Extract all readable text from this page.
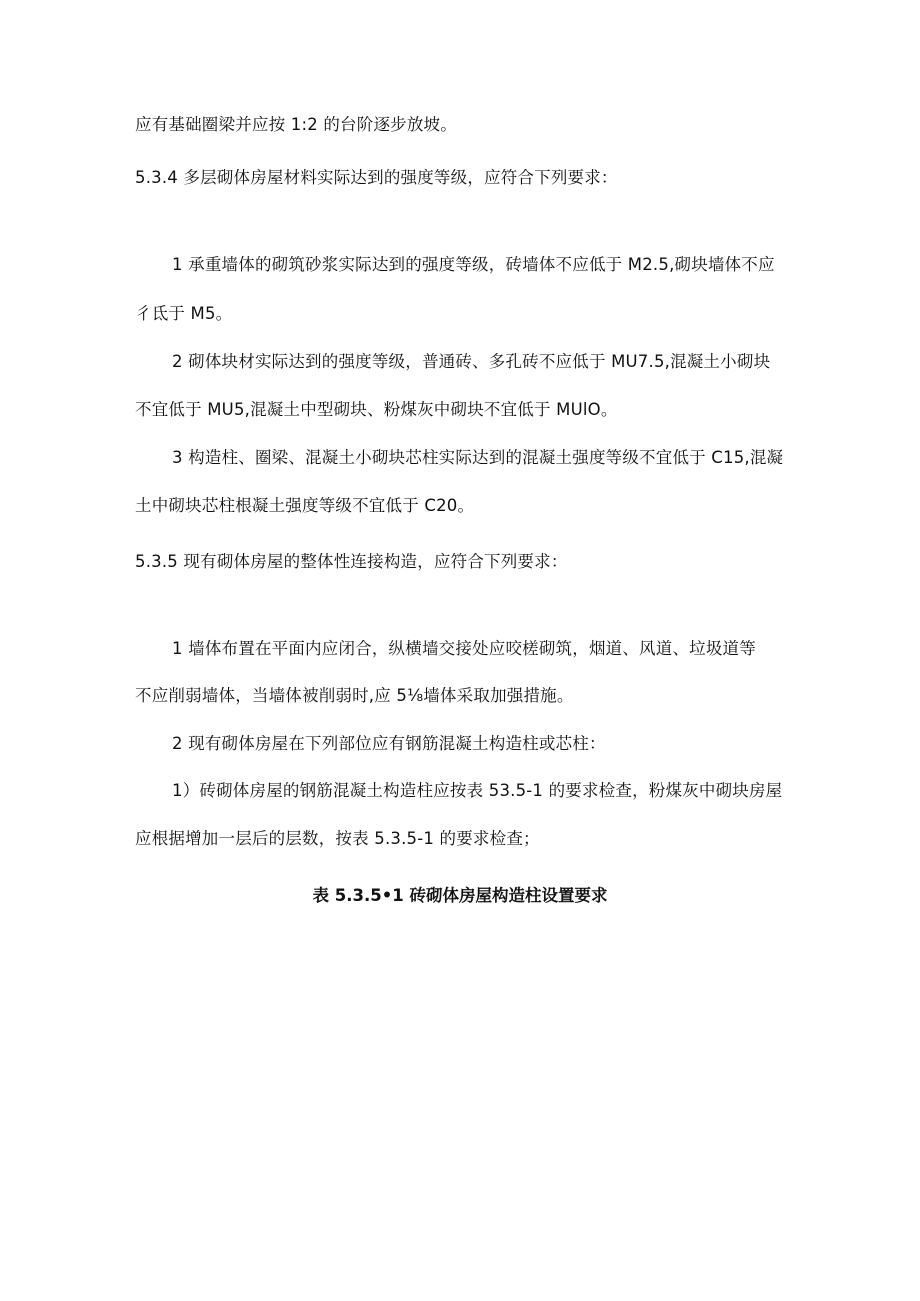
应有基础圈梁并应按 1:2 的台阶逐步放坡。
5.3.4 多层砌体房屋材料实际达到的强度等级，应符合下列要求：
1 承重墙体的砌筑砂浆实际达到的强度等级，砖墙体不应低于 M2.5,砌块墙体不应
彳氐于 M5。
2 砌体块材实际达到的强度等级，普通砖、多孔砖不应低于 MU7.5,混凝土小砌块
不宜低于 MU5,混凝土中型砌块、粉煤灰中砌块不宜低于 MUlO。
3 构造柱、圈梁、混凝土小砌块芯柱实际达到的混凝土强度等级不宜低于 C15,混凝
土中砌块芯柱根凝土强度等级不宜低于 C20。
5.3.5 现有砌体房屋的整体性连接构造，应符合下列要求：
1 墙体布置在平面内应闭合，纵横墙交接处应咬槎砌筑，烟道、风道、垃圾道等
不应削弱墙体，当墙体被削弱时,应 5⅛墙体采取加强措施。
2 现有砌体房屋在下列部位应有钢筋混凝土构造柱或芯柱：
1）砖砌体房屋的钢筋混凝土构造柱应按表 53.5-1 的要求检查，粉煤灰中砌块房屋
应根据增加一层后的层数，按表 5.3.5-1 的要求检查；
表 5.3.5•1 砖砌体房屋构造柱设置要求
